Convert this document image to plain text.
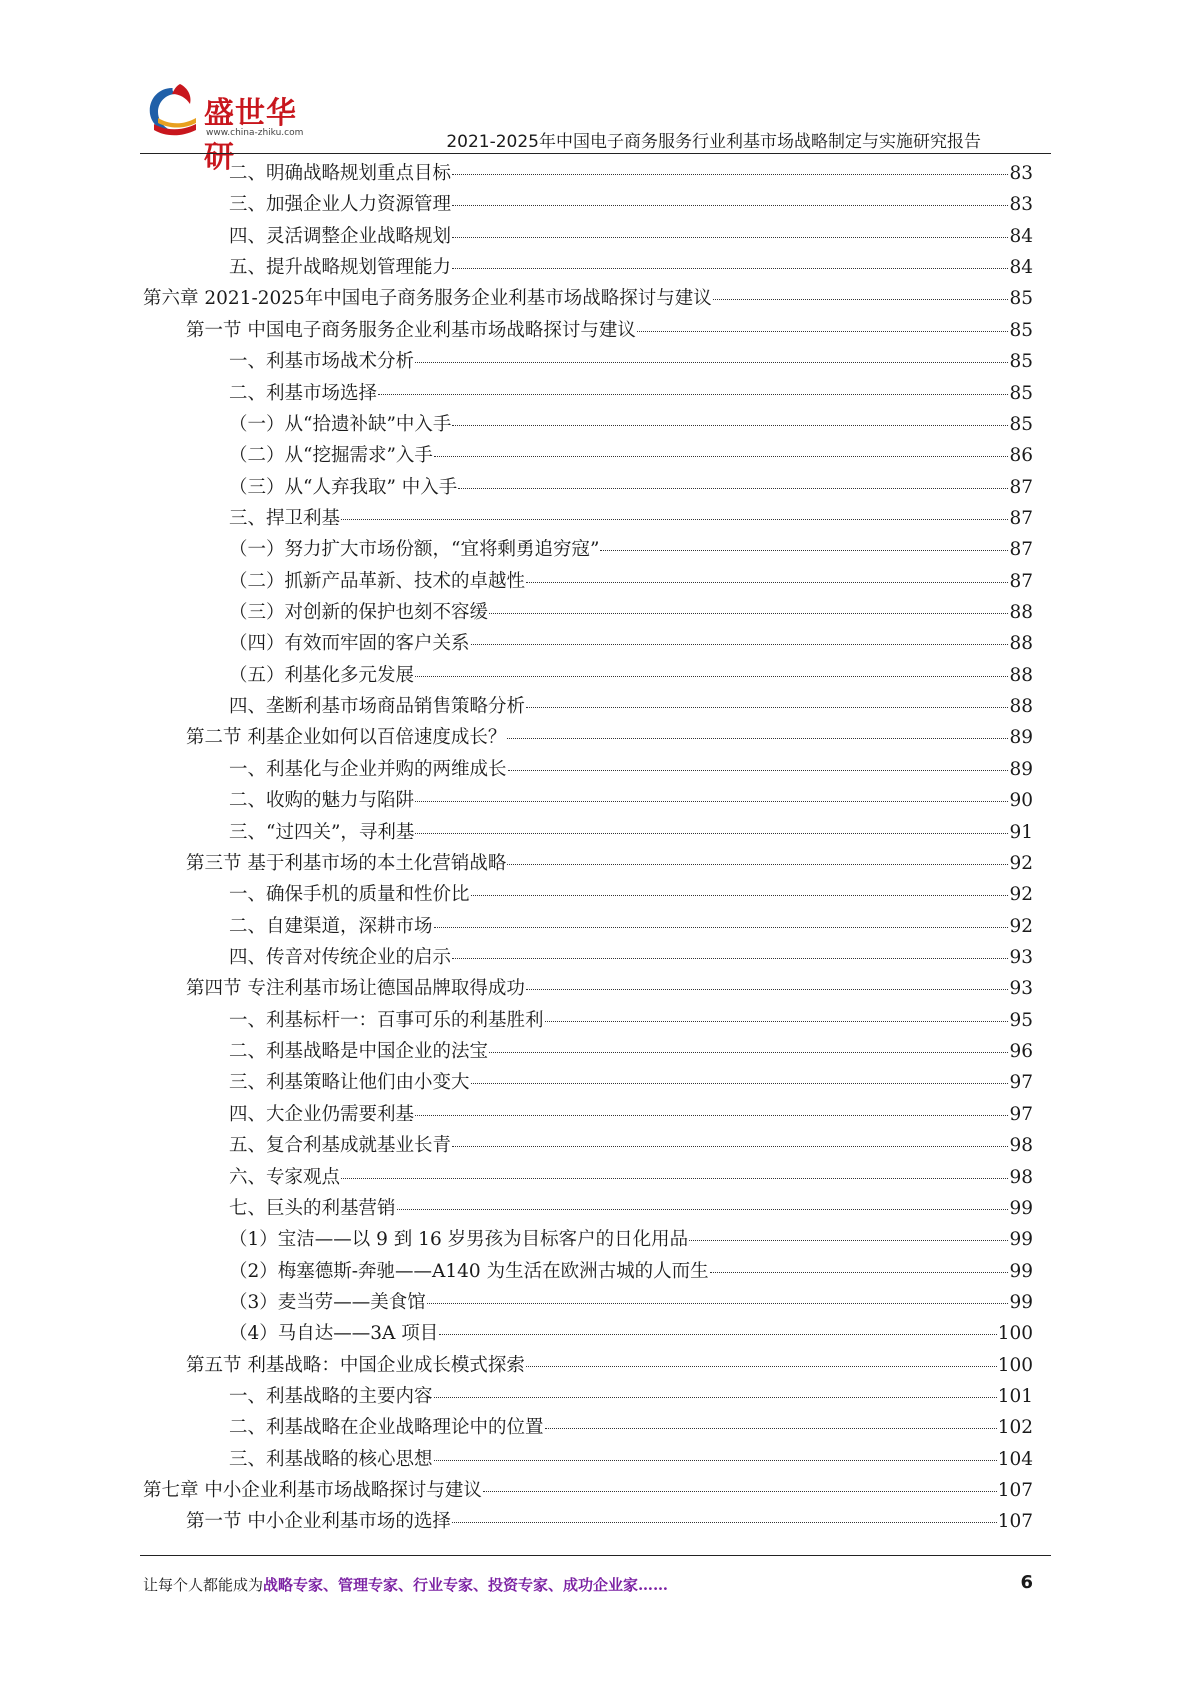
盛世华研
www.china-zhiku.com	2021-2025年中国电子商务服务行业利基市场战略制定与实施研究报告
二、明确战略规划重点目标	83
三、加强企业人力资源管理	83
四、灵活调整企业战略规划	84
五、提升战略规划管理能力	84
第六章 2021-2025年中国电子商务服务企业利基市场战略探讨与建议	85
第一节 中国电子商务服务企业利基市场战略探讨与建议	85
一、利基市场战术分析	85
二、利基市场选择	85
（一）从“拾遗补缺”中入手	85
（二）从“挖掘需求”入手	86
（三）从“人弃我取” 中入手	87
三、捍卫利基	87
（一）努力扩大市场份额，“宜将剩勇追穷寇”	87
（二）抓新产品革新、技术的卓越性	87
（三）对创新的保护也刻不容缓	88
（四）有效而牢固的客户关系	88
（五）利基化多元发展	88
四、垄断利基市场商品销售策略分析	88
第二节 利基企业如何以百倍速度成长？	89
一、利基化与企业并购的两维成长	89
二、收购的魅力与陷阱	90
三、“过四关”，寻利基	91
第三节 基于利基市场的本土化营销战略	92
一、确保手机的质量和性价比	92
二、自建渠道，深耕市场	92
四、传音对传统企业的启示	93
第四节 专注利基市场让德国品牌取得成功	93
一、利基标杆一：百事可乐的利基胜利	95
二、利基战略是中国企业的法宝	96
三、利基策略让他们由小变大	97
四、大企业仍需要利基	97
五、复合利基成就基业长青	98
六、专家观点	98
七、巨头的利基营销	99
（1）宝洁——以 9 到 16 岁男孩为目标客户的日化用品	99
（2）梅塞德斯-奔驰——A140 为生活在欧洲古城的人而生	99
（3）麦当劳——美食馆	99
（4）马自达——3A 项目	100
第五节 利基战略：中国企业成长模式探索	100
一、利基战略的主要内容	101
二、利基战略在企业战略理论中的位置	102
三、利基战略的核心思想	104
第七章 中小企业利基市场战略探讨与建议	107
第一节 中小企业利基市场的选择	107
让每个人都能成为战略专家、管理专家、行业专家、投资专家、成功企业家……	6
